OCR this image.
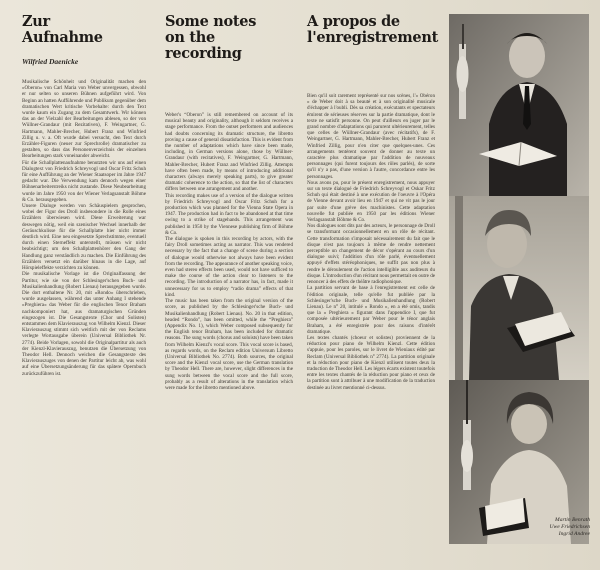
Zur
Aufnahme
Wilfried Daenicke

Musikalische Schönheit und Originalität machen den »Oberon« von Carl Maria von Weber unvergessen, obwohl er nur selten so unseren Bühnen aufgeführt wird. Von Beginn an hatten Aufführende und Publikum gegenüber dem dramatischen Wert kritische Vorbehalte: durch den Text wurde kaum ein Zugang zu dem Gesamtwerk. Wir können das an der Vielzahl der Bearbeitungen ablesen, so der von Wüllner-Grandaur (mit Rezitativen), F. Weingartner, G. Hartmann, Mahler-Brecher, Hubert Franz und Winfried Zillig u. v. a. Oft wurde dabei versucht, den Text durch Erzähler-Figuren (neuer zur Sprechrolle) dramatischer zu gestalten, so dass das Personenverzeichnis der einzelnen Bearbeitungen stark voneinander abweicht.

Für die Schallplattenaufnahme benutzten wir uns auf einen Dialogtext von Friedrich Schreyvogl und Oscar Fritz Schuh für eine Aufführung an der Wiener Staatsoper im Jahre 1947 gedacht war. Die Verwendung kam dennoch wegen einer Bühnenarbeiterstreiks nicht zustande. Diese Neubearbeitung wurde im Jahre 1950 von der Wiener Verlagsanstalt Böhme & Co. herausgegeben.

Unsere Dialoge werden von Schäuspielern gesprochen, wobei der Figur des Droll insbesondere in die Rolle eines Erzählers überwiesen wird. Diese Erweiterung war deswegen nötig, weil ein szenischer Wechsel innerhalb der Geräuschkulisse für die Schallplatte hier nicht immer deutlich wird. Eine neu eingesetzte Sprechstimme, eventuell durch einen Sterneffekt unterstellt, müssen wir nicht beabsichtigt; um den Schallplattenhörer den Gang der Handlung ganz verständlich zu machen. Die Einführung des Erzählers versetzt ein darüber hinaus in die Lage, auf Hörspieleffekte verzichten zu können.

Die musikalische Vorlage ist die Originalfassung der Partitur, wie sie von der Schlesinger'schen Buch- und Musikalienhandlung (Robert Lienau) herausgegeben wurde. Die dort enthaltene Nr. 20, mit »Rondo« überschrieben, wurde ausgelassen, während das unter Anhang I stehende »Preghiera« das Weber für die englischen Tenor Braham nachkomponiert hat, aus dramaturgischen Gründen eingezogen ist. Die Gesangstexte (Chor und Solisten) entstammen dem Klavierauszug von Wilhelm Kienzl. Dieser Klavierauszug stimmt sich weitlich mit der von Reclams verlegte Wortausgabe überein (Universal Bibliothek Nr. 2774). Beide Vorlagen, sowohl die Originalpartitur als auch der Kienzl-Klavierauszug, benutzen die Übersetzung von Theodor Hell. Dennoch weichen die Gesangstexte des Klavierauszuges von denen der Partitur leicht ab, was wohl auf eine Übersetzungsänderung für das spätere Opernbuch zurückzuführen ist.

Some notes
on the recording

Weber's “Oberon” is still remembered on account of its musical beauty and originality, although it seldom receives a stage performance. From the outset performers and audiences had doubts concerning its dramatic structure, the libretto proving a cause of general dissatisfaction. This is evident from the number of adaptations which have since been made, including, in German versions alone, those by Wüllner-Grandaur (with recitatives), F. Weingartner, G. Hartmann, Mahler-Brecher, Hubert Franz and Winfried Zillig. Attempts have often been made, by means of introducing additional characters (always merely speaking parts), to give greater dramatic coherence to the action, so that the list of characters differs between one arrangement and another.

This recording makes use of a version of the dialogue written by Friedrich Schreyvogl and Oscar Fritz Schuh for a production which was planned for the Vienna State Opera in 1947. The production had in fact to be abandoned at that time owing to a strike of stagehands. This arrangement was published in 1950 by the Viennese publishing firm of Böhme & Co.

The dialogue is spoken in this recording by actors, with the fairy Droll sometimes acting as narrator. This was rendered necessary by the fact that a change of scene during a section of dialogue would otherwise not always have been evident from the recording. The appearance of another speaking voice, even had stereo effects been used, would not have sufficed to make the course of the action clear to listeners to the recording. The introduction of a narrator has, in fact, made it unnecessary for us to employ “radio drama” effects of that kind.

The music has been taken from the original version of the score, as published by the Schlesinger'sche Buch- und Musikalienhandlung (Robert Lienau). No. 20 in that edition, headed “Rondo”, has been omitted, while the “Preghiera” (Appendix No. 1), which Weber composed subsequently for the English tenor Braham, has been included for dramatic reasons. The sung words (chorus and soloists) have been taken from Wilhelm Kienzl's vocal score. This vocal score is based, as regards words, on the Reclam edition Universum Libretto (Universal Bibliothek No. 2774). Both sources, the original score and the Kienzl vocal score, use the German translation by Theodor Hell. There are, however, slight differences in the sung words between the vocal score and the full score, probably as a result of alterations in the translation which were made for the libretto mentioned above.

A propos de
l'enregistrement

Bien qu'il soit rarement représenté sur nos scènes, l'« Obéron » de Weber doit à sa beauté et à son originalité musicale d'échapper à l'oubli. Dès sa création, exécutants et spectateurs émirent de sérieuses réserves sur la partie dramatique, dont le texte ne satisfit personne. On peut d'ailleurs en juger par le grand nombre d'adaptations qui parurent ultérieurement, telles que celles de Wüllner-Grandaur (avec récitatifs), de F. Weingartner, G. Hartmann, Mahler-Brecher, Hubert Franz et Winfried Zillig, pour n'en citer que quelques-unes. Ces arrangements tentèrent souvent de donner au texte un caractère plus dramatique par l'addition de nouveaux personnages (qui furent toujours des rôles parlés), de sorte qu'il n'y a pas, d'une version à l'autre, concordance entre les personnages.

Nous avons pu, pour le présent enregistrement, nous appuyer sur un texte dialogué de Friedrich Schreyvogl et Oskar Fritz Schuh qui était destiné à une exécution de l'oeuvre à l'Opéra de Vienne devant avoir lieu en 1947 et qui ne vit pas le jour par suite d'une grève des machinistes. Cette adaptation nouvelle fut publiée en 1950 par les éditions Wiener Verlagsanstalt Böhme & Co.

Nos dialogues sont dits par des acteurs, le personnage de Droll se transformant occasionnellement en un rôle de récitant. Cette transformation s'imposait nécessairement du fait que le disque n'est pas toujours à même de rendre nettement perceptible un changement de décor s'opérant au cours d'un dialogue suivi; l'addition d'un rôle parlé, éventuellement appuyé d'effets stéréophoniques, ne suffit pas non plus à rendre le déroulement de l'action intelligible aux auditeurs du disque. L'introduction d'un récitant nous permettait en outre de renoncer à des effets de théâtre radiophonique.

La partition servant de base à l'enregistrement est celle de l'édition originale, telle qu'elle fut publiée par la Schlesinger'sche Buch- und Musikalienhandlung (Robert Lienau). Le n° 20, intitulé « Rondo », en a été omis, tandis que la « Preghiera » figurant dans l'appendice I, que fut composée ultérieurement par Weber pour le ténor anglais Braham, a été enregistrée pour des raisons d'intérêt dramatique.

Les textes chantés (choeur et solistes) proviennent de la réduction pour piano de Wilhelm Kienzl. Cette édition s'appuie, pour les paroles, sur le livret de Wieniaux édité par Reclam (Universal Bibliothek n° 2774). La partition originale et la réduction pour piano de Kienzl utilisent toutes deux la traduction de Theodor Hell. Les légers écarts existent toutefois entre les textes chantés de la réduction pour piano et ceux de la partition sont à attribuer à une modification de la traduction destinée au livret mentionné ci-dessus.

Martin Benrath
Uwe Friedrichsen
Ingrid Andree
